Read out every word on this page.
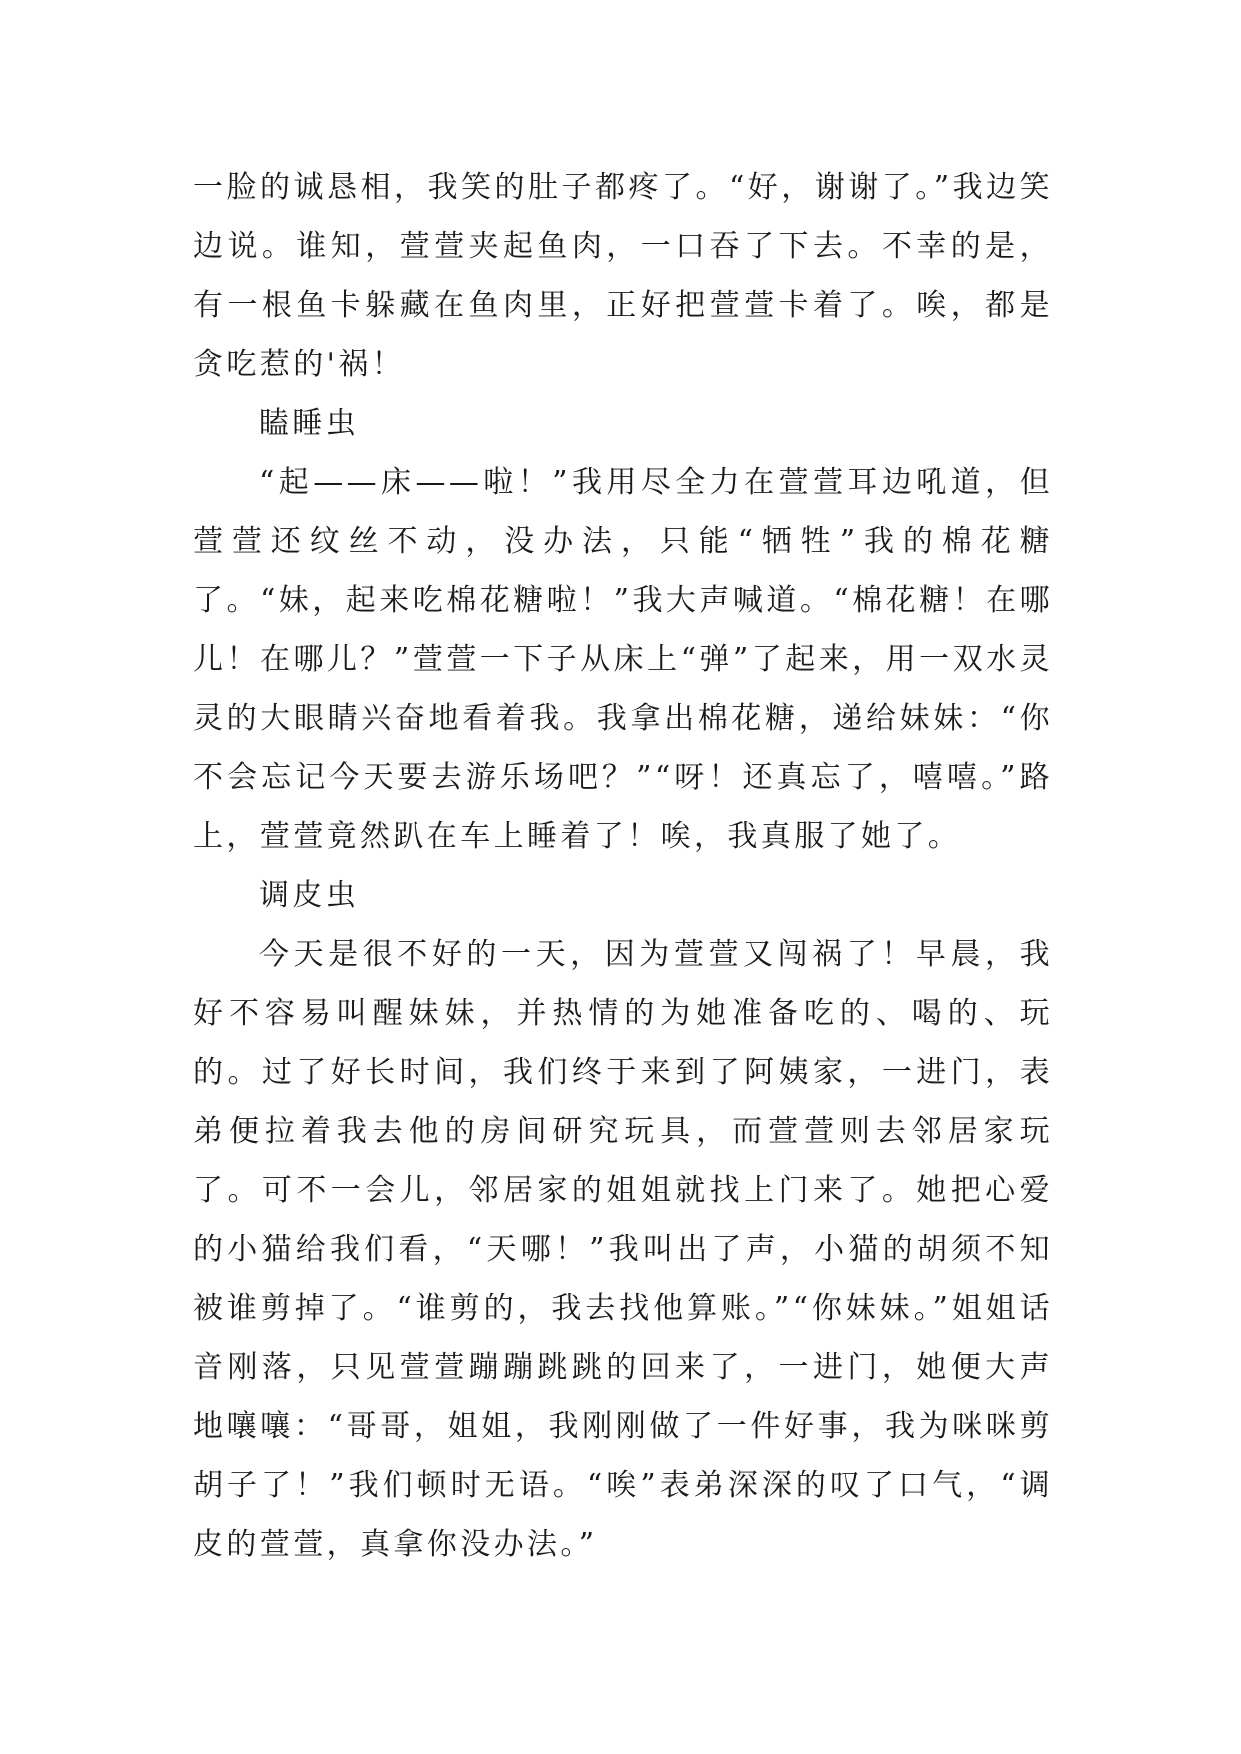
一脸的诚恳相，我笑的肚子都疼了。“好，谢谢了。”我边笑边说。谁知，萱萱夹起鱼肉，一口吞了下去。不幸的是，有一根鱼卡躲藏在鱼肉里，正好把萱萱卡着了。唉，都是贪吃惹的'祸！

瞌睡虫

“起——床——啦！”我用尽全力在萱萱耳边吼道，但萱萱还纹丝不动，没办法，只能“牺牲”我的棉花糖了。“妹，起来吃棉花糖啦！”我大声喊道。“棉花糖！在哪儿！在哪儿？”萱萱一下子从床上“弹”了起来，用一双水灵灵的大眼睛兴奋地看着我。我拿出棉花糖，递给妹妹：“你不会忘记今天要去游乐场吧？”“呀！还真忘了，嘻嘻。”路上，萱萱竟然趴在车上睡着了！唉，我真服了她了。

调皮虫

今天是很不好的一天，因为萱萱又闯祸了！早晨，我好不容易叫醒妹妹，并热情的为她准备吃的、喝的、玩的。过了好长时间，我们终于来到了阿姨家，一进门，表弟便拉着我去他的房间研究玩具，而萱萱则去邻居家玩了。可不一会儿，邻居家的姐姐就找上门来了。她把心爱的小猫给我们看，“天哪！”我叫出了声，小猫的胡须不知被谁剪掉了。“谁剪的，我去找他算账。”“你妹妹。”姐姐话音刚落，只见萱萱蹦蹦跳跳的回来了，一进门，她便大声地嚷嚷：“哥哥，姐姐，我刚刚做了一件好事，我为咪咪剪胡子了！”我们顿时无语。“唉”表弟深深的叹了口气，“调皮的萱萱，真拿你没办法。”
